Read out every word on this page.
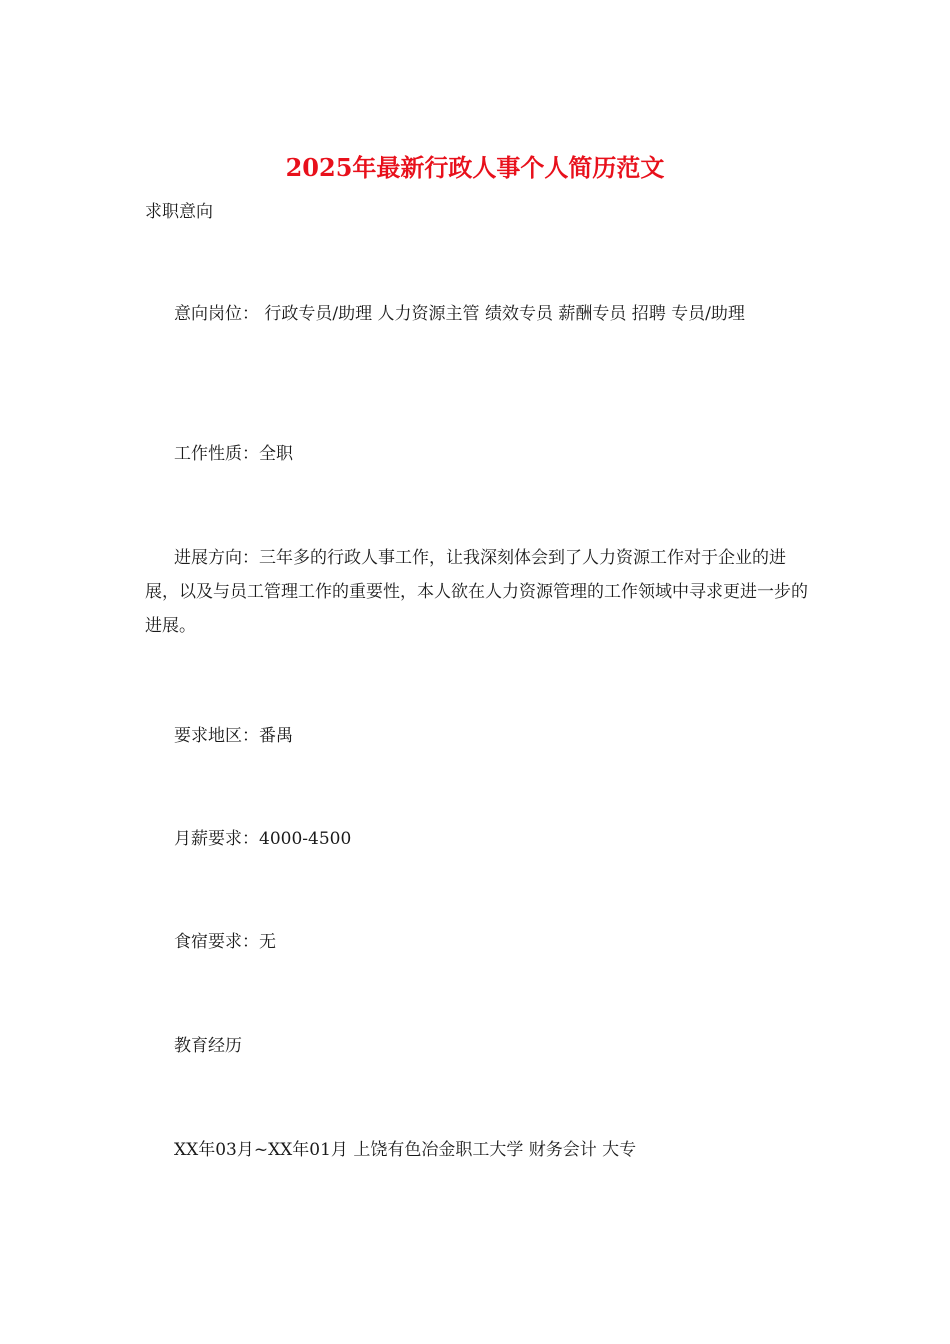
2025年最新行政人事个人简历范文

求职意向

意向岗位： 行政专员/助理 人力资源主管 绩效专员 薪酬专员 招聘 专员/助理

工作性质：全职

进展方向：三年多的行政人事工作，让我深刻体会到了人力资源工作对于企业的进展，以及与员工管理工作的重要性，本人欲在人力资源管理的工作领域中寻求更进一步的进展。

要求地区：番禺

月薪要求：4000-4500

食宿要求：无

教育经历

XX年03月~XX年01月 上饶有色冶金职工大学 财务会计 大专
